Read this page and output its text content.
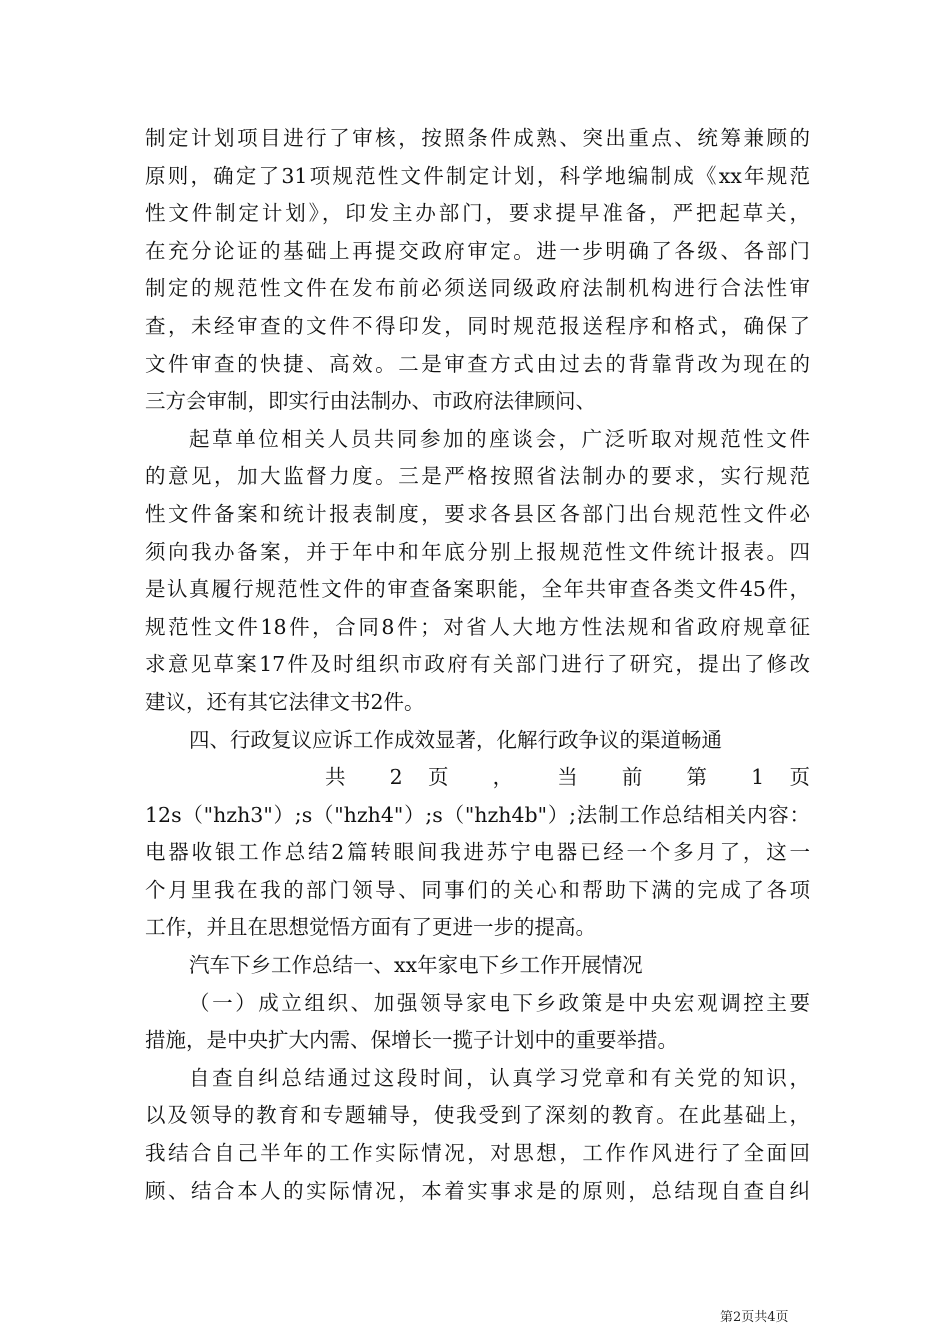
制定计划项目进行了审核，按照条件成熟、突出重点、统筹兼顾的
原则，确定了31项规范性文件制定计划，科学地编制成《xx年规范
性文件制定计划》，印发主办部门，要求提早准备，严把起草关，
在充分论证的基础上再提交政府审定。进一步明确了各级、各部门
制定的规范性文件在发布前必须送同级政府法制机构进行合法性审
查，未经审查的文件不得印发，同时规范报送程序和格式，确保了
文件审查的快捷、高效。二是审查方式由过去的背靠背改为现在的
三方会审制，即实行由法制办、市政府法律顾问、
起草单位相关人员共同参加的座谈会，广泛听取对规范性文件
的意见，加大监督力度。三是严格按照省法制办的要求，实行规范
性文件备案和统计报表制度，要求各县区各部门出台规范性文件必
须向我办备案，并于年中和年底分别上报规范性文件统计报表。四
是认真履行规范性文件的审查备案职能，全年共审查各类文件45件，
规范性文件18件，合同8件；对省人大地方性法规和省政府规章征
求意见草案17件及时组织市政府有关部门进行了研究，提出了修改
建议，还有其它法律文书2件。
四、行政复议应诉工作成效显著，化解行政争议的渠道畅通
共 2 页 ， 当 前 第 1 页
12s（"hzh3"）;s（"hzh4"）;s（"hzh4b"）;法制工作总结相关内容：
电器收银工作总结2篇转眼间我进苏宁电器已经一个多月了，这一
个月里我在我的部门领导、同事们的关心和帮助下满的完成了各项
工作，并且在思想觉悟方面有了更进一步的提高。
汽车下乡工作总结一、xx年家电下乡工作开展情况
（一）成立组织、加强领导家电下乡政策是中央宏观调控主要
措施，是中央扩大内需、保增长一揽子计划中的重要举措。
自查自纠总结通过这段时间，认真学习党章和有关党的知识，
以及领导的教育和专题辅导，使我受到了深刻的教育。在此基础上，
我结合自己半年的工作实际情况，对思想，工作作风进行了全面回
顾、结合本人的实际情况，本着实事求是的原则，总结现自查自纠
第2页共4页
